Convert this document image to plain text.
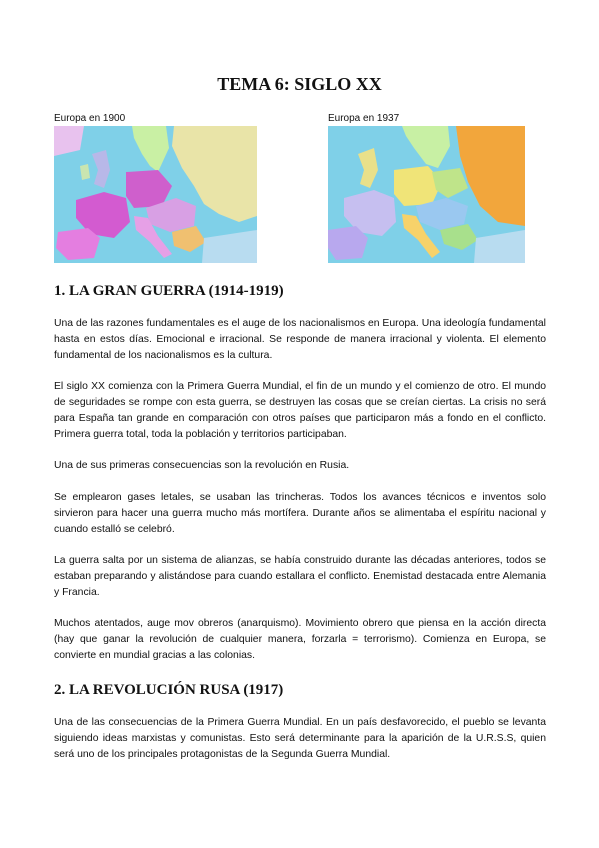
TEMA 6: SIGLO XX
Europa en 1900	Europa en 1937
1. LA GRAN GUERRA (1914-1919)

Una de las razones fundamentales es el auge de los nacionalismos en Europa. Una ideología fundamental hasta en estos días. Emocional e irracional. Se responde de manera irracional y violenta. El elemento fundamental de los nacionalismos es la cultura.

El siglo XX comienza con la Primera Guerra Mundial, el fin de un mundo y el comienzo de otro. El mundo de seguridades se rompe con esta guerra, se destruyen las cosas que se creían ciertas. La crisis no será para España tan grande en comparación con otros países que participaron más a fondo en el conflicto. Primera guerra total, toda la población y territorios participaban.

Una de sus primeras consecuencias son la revolución en Rusia.

Se emplearon gases letales, se usaban las trincheras. Todos los avances técnicos e inventos solo sirvieron para hacer una guerra mucho más mortífera. Durante años se alimentaba el espíritu nacional y cuando estalló se celebró.

La guerra salta por un sistema de alianzas, se había construido durante las décadas anteriores, todos se estaban preparando y alistándose para cuando estallara el conflicto. Enemistad destacada entre Alemania y Francia.

Muchos atentados, auge mov obreros (anarquismo). Movimiento obrero que piensa en la acción directa (hay que ganar la revolución de cualquier manera, forzarla = terrorismo). Comienza en Europa, se convierte en mundial gracias a las colonias.

2. LA REVOLUCIÓN RUSA (1917)

Una de las consecuencias de la Primera Guerra Mundial. En un país desfavorecido, el pueblo se levanta siguiendo ideas marxistas y comunistas. Esto será determinante para la aparición de la U.R.S.S, quien será uno de los principales protagonistas de la Segunda Guerra Mundial.
